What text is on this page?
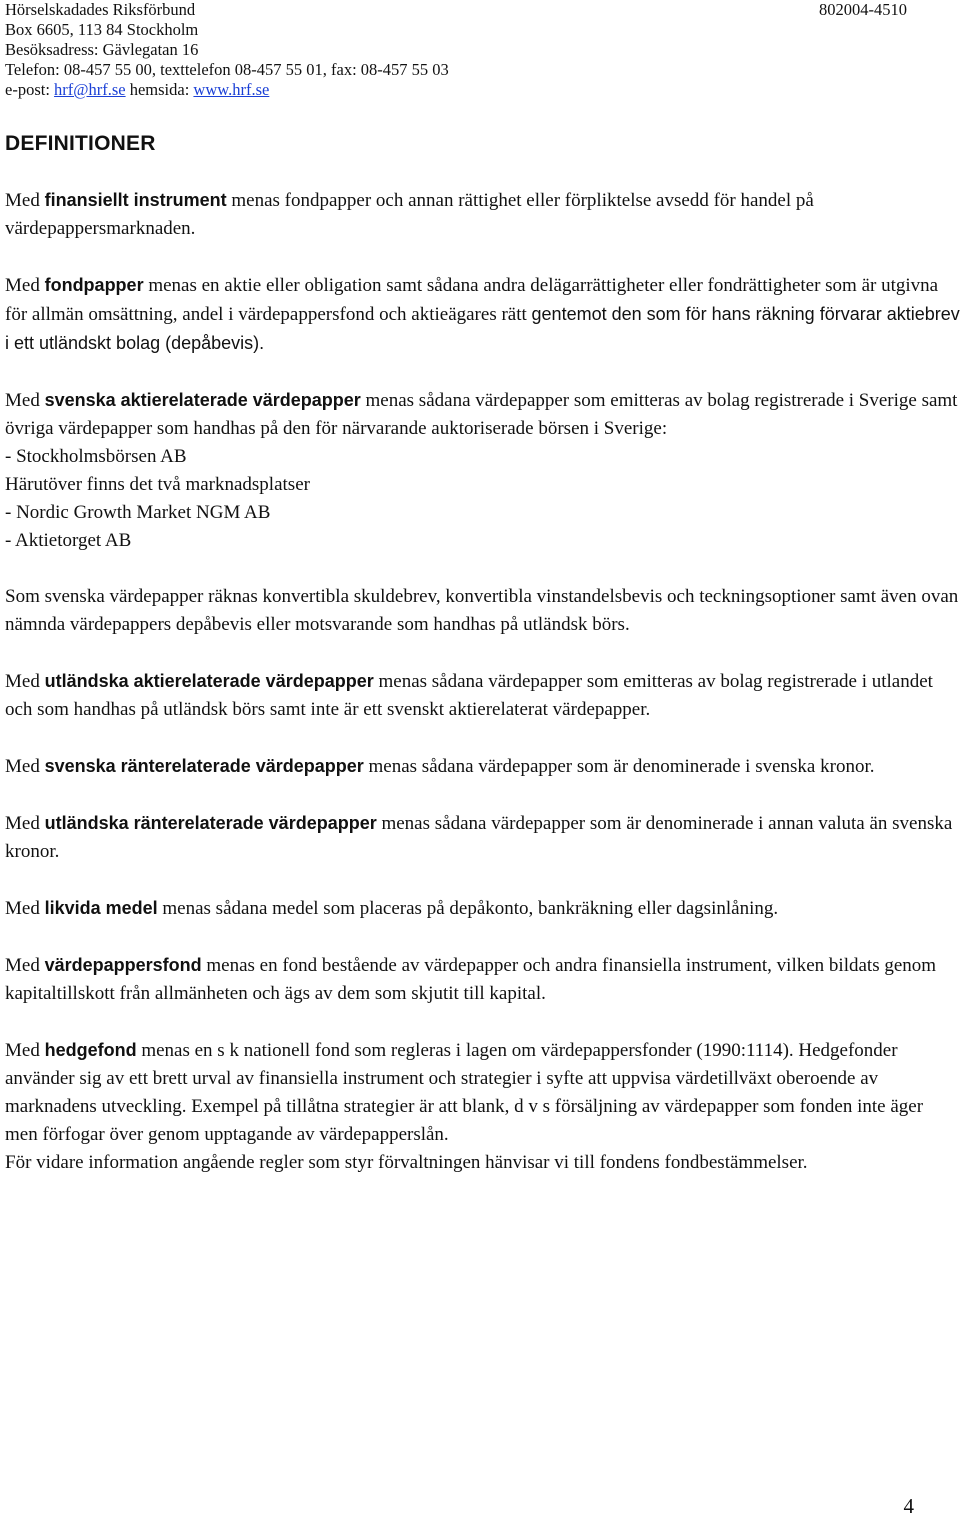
Hörselskadades Riksförbund	802004-4510
Box 6605, 113 84 Stockholm
Besöksadress: Gävlegatan 16
Telefon: 08-457 55 00, texttelefon 08-457 55 01, fax: 08-457 55 03
e-post: hrf@hrf.se hemsida: www.hrf.se
DEFINITIONER

Med finansiellt instrument menas fondpapper och annan rättighet eller förpliktelse avsedd för handel på värdepappersmarknaden.

Med fondpapper menas en aktie eller obligation samt sådana andra delägarrättigheter eller fondrättigheter som är utgivna för allmän omsättning, andel i värdepappersfond och aktieägares rätt gentemot den som för hans räkning förvarar aktiebrev i ett utländskt bolag (depåbevis).

Med svenska aktierelaterade värdepapper menas sådana värdepapper som emitteras av bolag registrerade i Sverige samt övriga värdepapper som handhas på den för närvarande auktoriserade börsen i Sverige:
- Stockholmsbörsen AB
Härutöver finns det två marknadsplatser
- Nordic Growth Market NGM AB
- Aktietorget AB

Som svenska värdepapper räknas konvertibla skuldebrev, konvertibla vinstandelsbevis och teckningsoptioner samt även ovan nämnda värdepappers depåbevis eller motsvarande som handhas på utländsk börs.

Med utländska aktierelaterade värdepapper menas sådana värdepapper som emitteras av bolag registrerade i utlandet och som handhas på utländsk börs samt inte är ett svenskt aktierelaterat värdepapper.

Med svenska ränterelaterade värdepapper menas sådana värdepapper som är denominerade i svenska kronor.

Med utländska ränterelaterade värdepapper menas sådana värdepapper som är denominerade i annan valuta än svenska kronor.

Med likvida medel menas sådana medel som placeras på depåkonto, bankräkning eller dagsinlåning.

Med värdepappersfond menas en fond bestående av värdepapper och andra finansiella instrument, vilken bildats genom kapitaltillskott från allmänheten och ägs av dem som skjutit till kapital.

Med hedgefond menas en s k nationell fond som regleras i lagen om värdepappersfonder (1990:1114). Hedgefonder använder sig av ett brett urval av finansiella instrument och strategier i syfte att uppvisa värdetillväxt oberoende av marknadens utveckling. Exempel på tillåtna strategier är att blank, d v s försäljning av värdepapper som fonden inte äger men förfogar över genom upptagande av värdepapperslån.
För vidare information angående regler som styr förvaltningen hänvisar vi till fondens fondbestämmelser.

4
